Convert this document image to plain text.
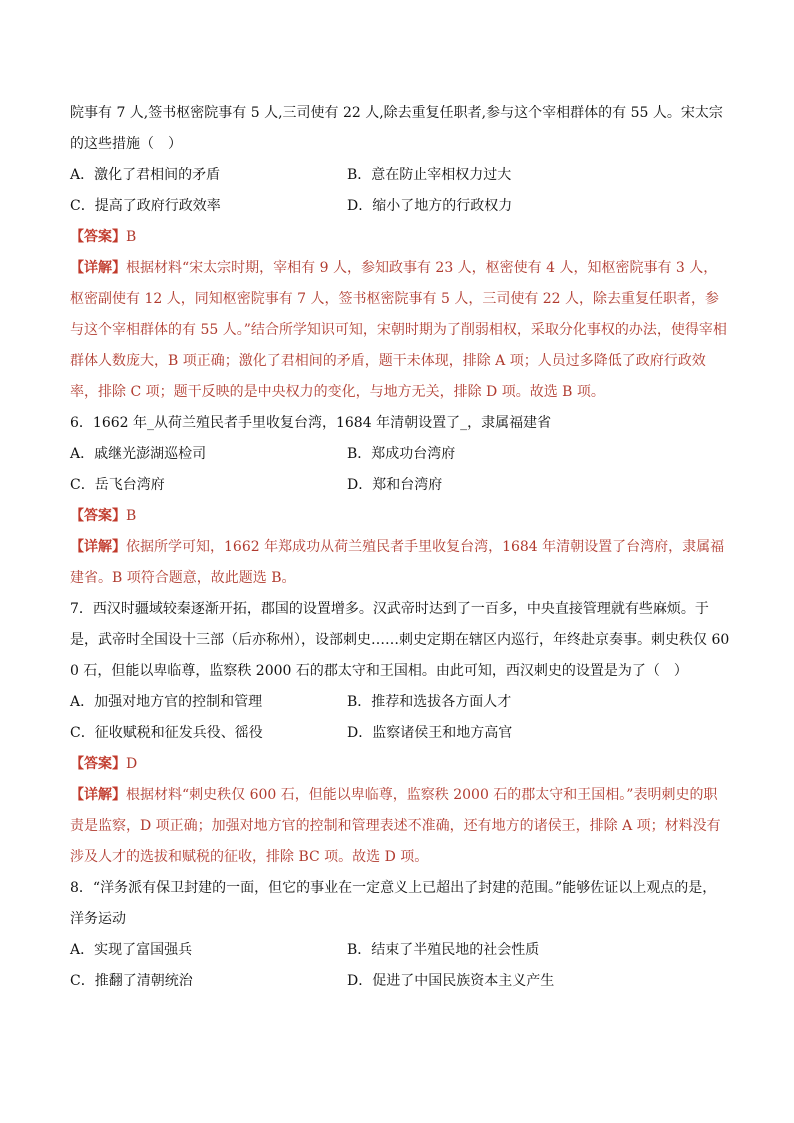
院事有 7 人,签书枢密院事有 5 人,三司使有 22 人,除去重复任职者,参与这个宰相群体的有 55 人。宋太宗的这些措施（　）
A．激化了君相间的矛盾	B．意在防止宰相权力过大
C．提高了政府行政效率	D．缩小了地方的行政权力
【答案】B
【详解】根据材料“宋太宗时期，宰相有 9 人，参知政事有 23 人，枢密使有 4 人，知枢密院事有 3 人，枢密副使有 12 人，同知枢密院事有 7 人，签书枢密院事有 5 人，三司使有 22 人，除去重复任职者，参与这个宰相群体的有 55 人。”结合所学知识可知，宋朝时期为了削弱相权，采取分化事权的办法，使得宰相群体人数庞大，B 项正确；激化了君相间的矛盾，题干未体现，排除 A 项；人员过多降低了政府行政效率，排除 C 项；题干反映的是中央权力的变化，与地方无关，排除 D 项。故选 B 项。
6．1662 年_从荷兰殖民者手里收复台湾，1684 年清朝设置了_，隶属福建省
A．戚继光澎湖巡检司	B．郑成功台湾府
C．岳飞台湾府	D．郑和台湾府
【答案】B
【详解】依据所学可知，1662 年郑成功从荷兰殖民者手里收复台湾，1684 年清朝设置了台湾府，隶属福建省。B 项符合题意，故此题选 B。
7．西汉时疆域较秦逐渐开拓，郡国的设置增多。汉武帝时达到了一百多，中央直接管理就有些麻烦。于是，武帝时全国设十三部（后亦称州），设部刺史……刺史定期在辖区内巡行，年终赴京奏事。刺史秩仅 600 石，但能以卑临尊，监察秩 2000 石的郡太守和王国相。由此可知，西汉刺史的设置是为了（　）
A．加强对地方官的控制和管理	B．推荐和选拔各方面人才
C．征收赋税和征发兵役、徭役	D．监察诸侯王和地方高官
【答案】D
【详解】根据材料“刺史秩仅 600 石，但能以卑临尊，监察秩 2000 石的郡太守和王国相。”表明刺史的职责是监察，D 项正确；加强对地方官的控制和管理表述不准确，还有地方的诸侯王，排除 A 项；材料没有涉及人才的选拔和赋税的征收，排除 BC 项。故选 D 项。
8．“洋务派有保卫封建的一面，但它的事业在一定意义上已超出了封建的范围。”能够佐证以上观点的是，洋务运动
A．实现了富国强兵	B．结束了半殖民地的社会性质
C．推翻了清朝统治	D．促进了中国民族资本主义产生
